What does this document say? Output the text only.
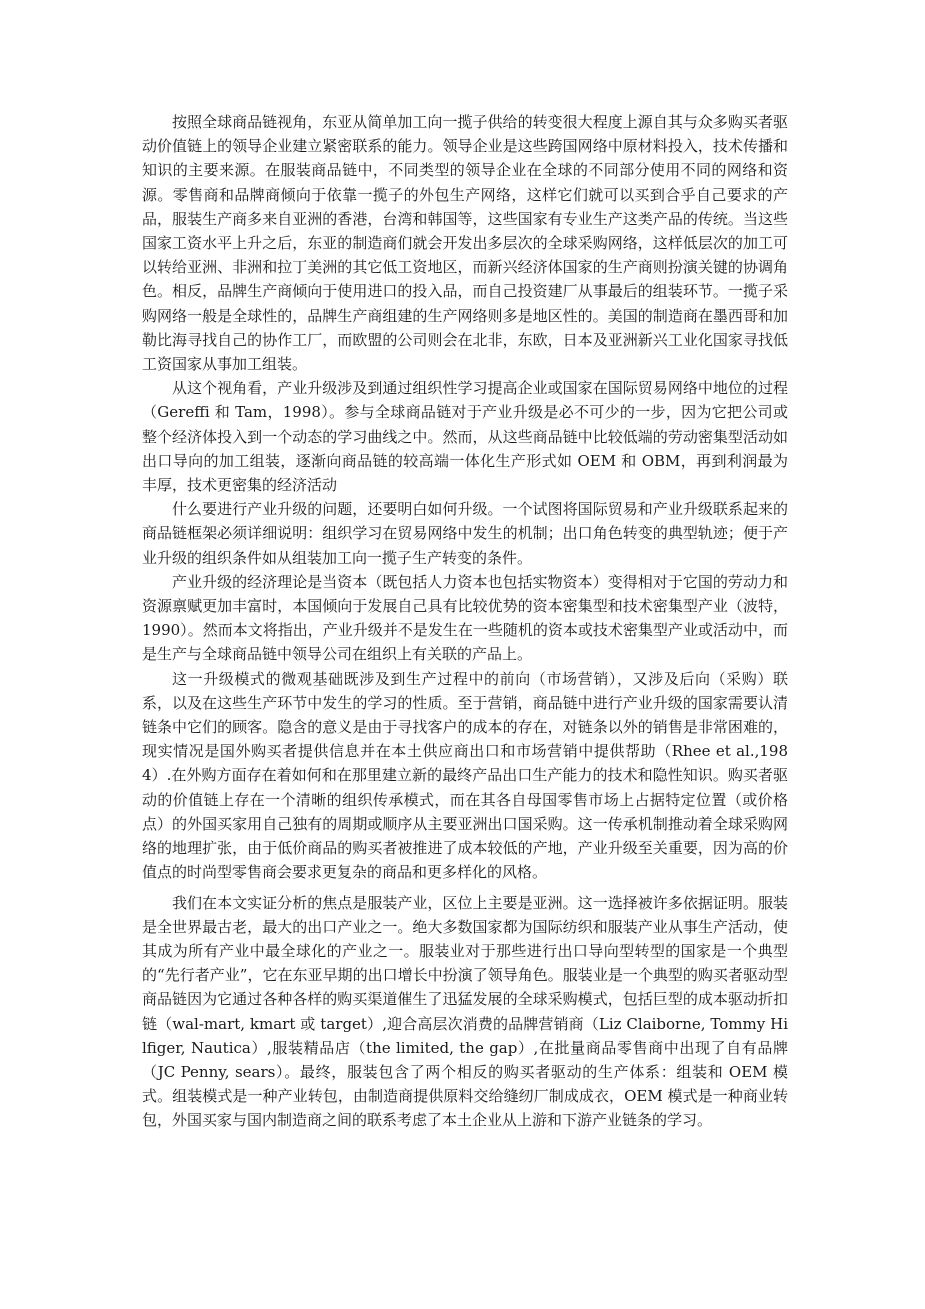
按照全球商品链视角，东亚从简单加工向一揽子供给的转变很大程度上源自其与众多购买者驱动价值链上的领导企业建立紧密联系的能力。领导企业是这些跨国网络中原材料投入，技术传播和知识的主要来源。在服装商品链中，不同类型的领导企业在全球的不同部分使用不同的网络和资源。零售商和品牌商倾向于依靠一揽子的外包生产网络，这样它们就可以买到合乎自己要求的产品，服装生产商多来自亚洲的香港，台湾和韩国等，这些国家有专业生产这类产品的传统。当这些国家工资水平上升之后，东亚的制造商们就会开发出多层次的全球采购网络，这样低层次的加工可以转给亚洲、非洲和拉丁美洲的其它低工资地区，而新兴经济体国家的生产商则扮演关键的协调角色。相反，品牌生产商倾向于使用进口的投入品，而自己投资建厂从事最后的组装环节。一揽子采购网络一般是全球性的，品牌生产商组建的生产网络则多是地区性的。美国的制造商在墨西哥和加勒比海寻找自己的协作工厂，而欧盟的公司则会在北非，东欧，日本及亚洲新兴工业化国家寻找低工资国家从事加工组装。

从这个视角看，产业升级涉及到通过组织性学习提高企业或国家在国际贸易网络中地位的过程（Gereffi 和 Tam，1998）。参与全球商品链对于产业升级是必不可少的一步，因为它把公司或整个经济体投入到一个动态的学习曲线之中。然而，从这些商品链中比较低端的劳动密集型活动如出口导向的加工组装，逐渐向商品链的较高端一体化生产形式如 OEM 和 OBM，再到利润最为丰厚，技术更密集的经济活动

什么要进行产业升级的问题，还要明白如何升级。一个试图将国际贸易和产业升级联系起来的商品链框架必须详细说明：组织学习在贸易网络中发生的机制；出口角色转变的典型轨迹；便于产业升级的组织条件如从组装加工向一揽子生产转变的条件。

产业升级的经济理论是当资本（既包括人力资本也包括实物资本）变得相对于它国的劳动力和资源禀赋更加丰富时，本国倾向于发展自己具有比较优势的资本密集型和技术密集型产业（波特，1990）。然而本文将指出，产业升级并不是发生在一些随机的资本或技术密集型产业或活动中，而是生产与全球商品链中领导公司在组织上有关联的产品上。

这一升级模式的微观基础既涉及到生产过程中的前向（市场营销），又涉及后向（采购）联系，以及在这些生产环节中发生的学习的性质。至于营销，商品链中进行产业升级的国家需要认清链条中它们的顾客。隐含的意义是由于寻找客户的成本的存在，对链条以外的销售是非常困难的，现实情况是国外购买者提供信息并在本土供应商出口和市场营销中提供帮助（Rhee et al.,1984）.在外购方面存在着如何和在那里建立新的最终产品出口生产能力的技术和隐性知识。购买者驱动的价值链上存在一个清晰的组织传承模式，而在其各自母国零售市场上占据特定位置（或价格点）的外国买家用自己独有的周期或顺序从主要亚洲出口国采购。这一传承机制推动着全球采购网络的地理扩张，由于低价商品的购买者被推进了成本较低的产地，产业升级至关重要，因为高的价值点的时尚型零售商会要求更复杂的商品和更多样化的风格。

我们在本文实证分析的焦点是服装产业，区位上主要是亚洲。这一选择被许多依据证明。服装是全世界最古老，最大的出口产业之一。绝大多数国家都为国际纺织和服装产业从事生产活动，使其成为所有产业中最全球化的产业之一。服装业对于那些进行出口导向型转型的国家是一个典型的“先行者产业”，它在东亚早期的出口增长中扮演了领导角色。服装业是一个典型的购买者驱动型商品链因为它通过各种各样的购买渠道催生了迅猛发展的全球采购模式，包括巨型的成本驱动折扣链（wal-mart, kmart 或 target）,迎合高层次消费的品牌营销商（Liz Claiborne, Tommy Hilfiger, Nautica）,服装精品店（the limited, the gap）,在批量商品零售商中出现了自有品牌（JC Penny, sears）。最终，服装包含了两个相反的购买者驱动的生产体系：组装和 OEM 模式。组装模式是一种产业转包，由制造商提供原料交给缝纫厂制成成衣，OEM 模式是一种商业转包，外国买家与国内制造商之间的联系考虑了本土企业从上游和下游产业链条的学习。
